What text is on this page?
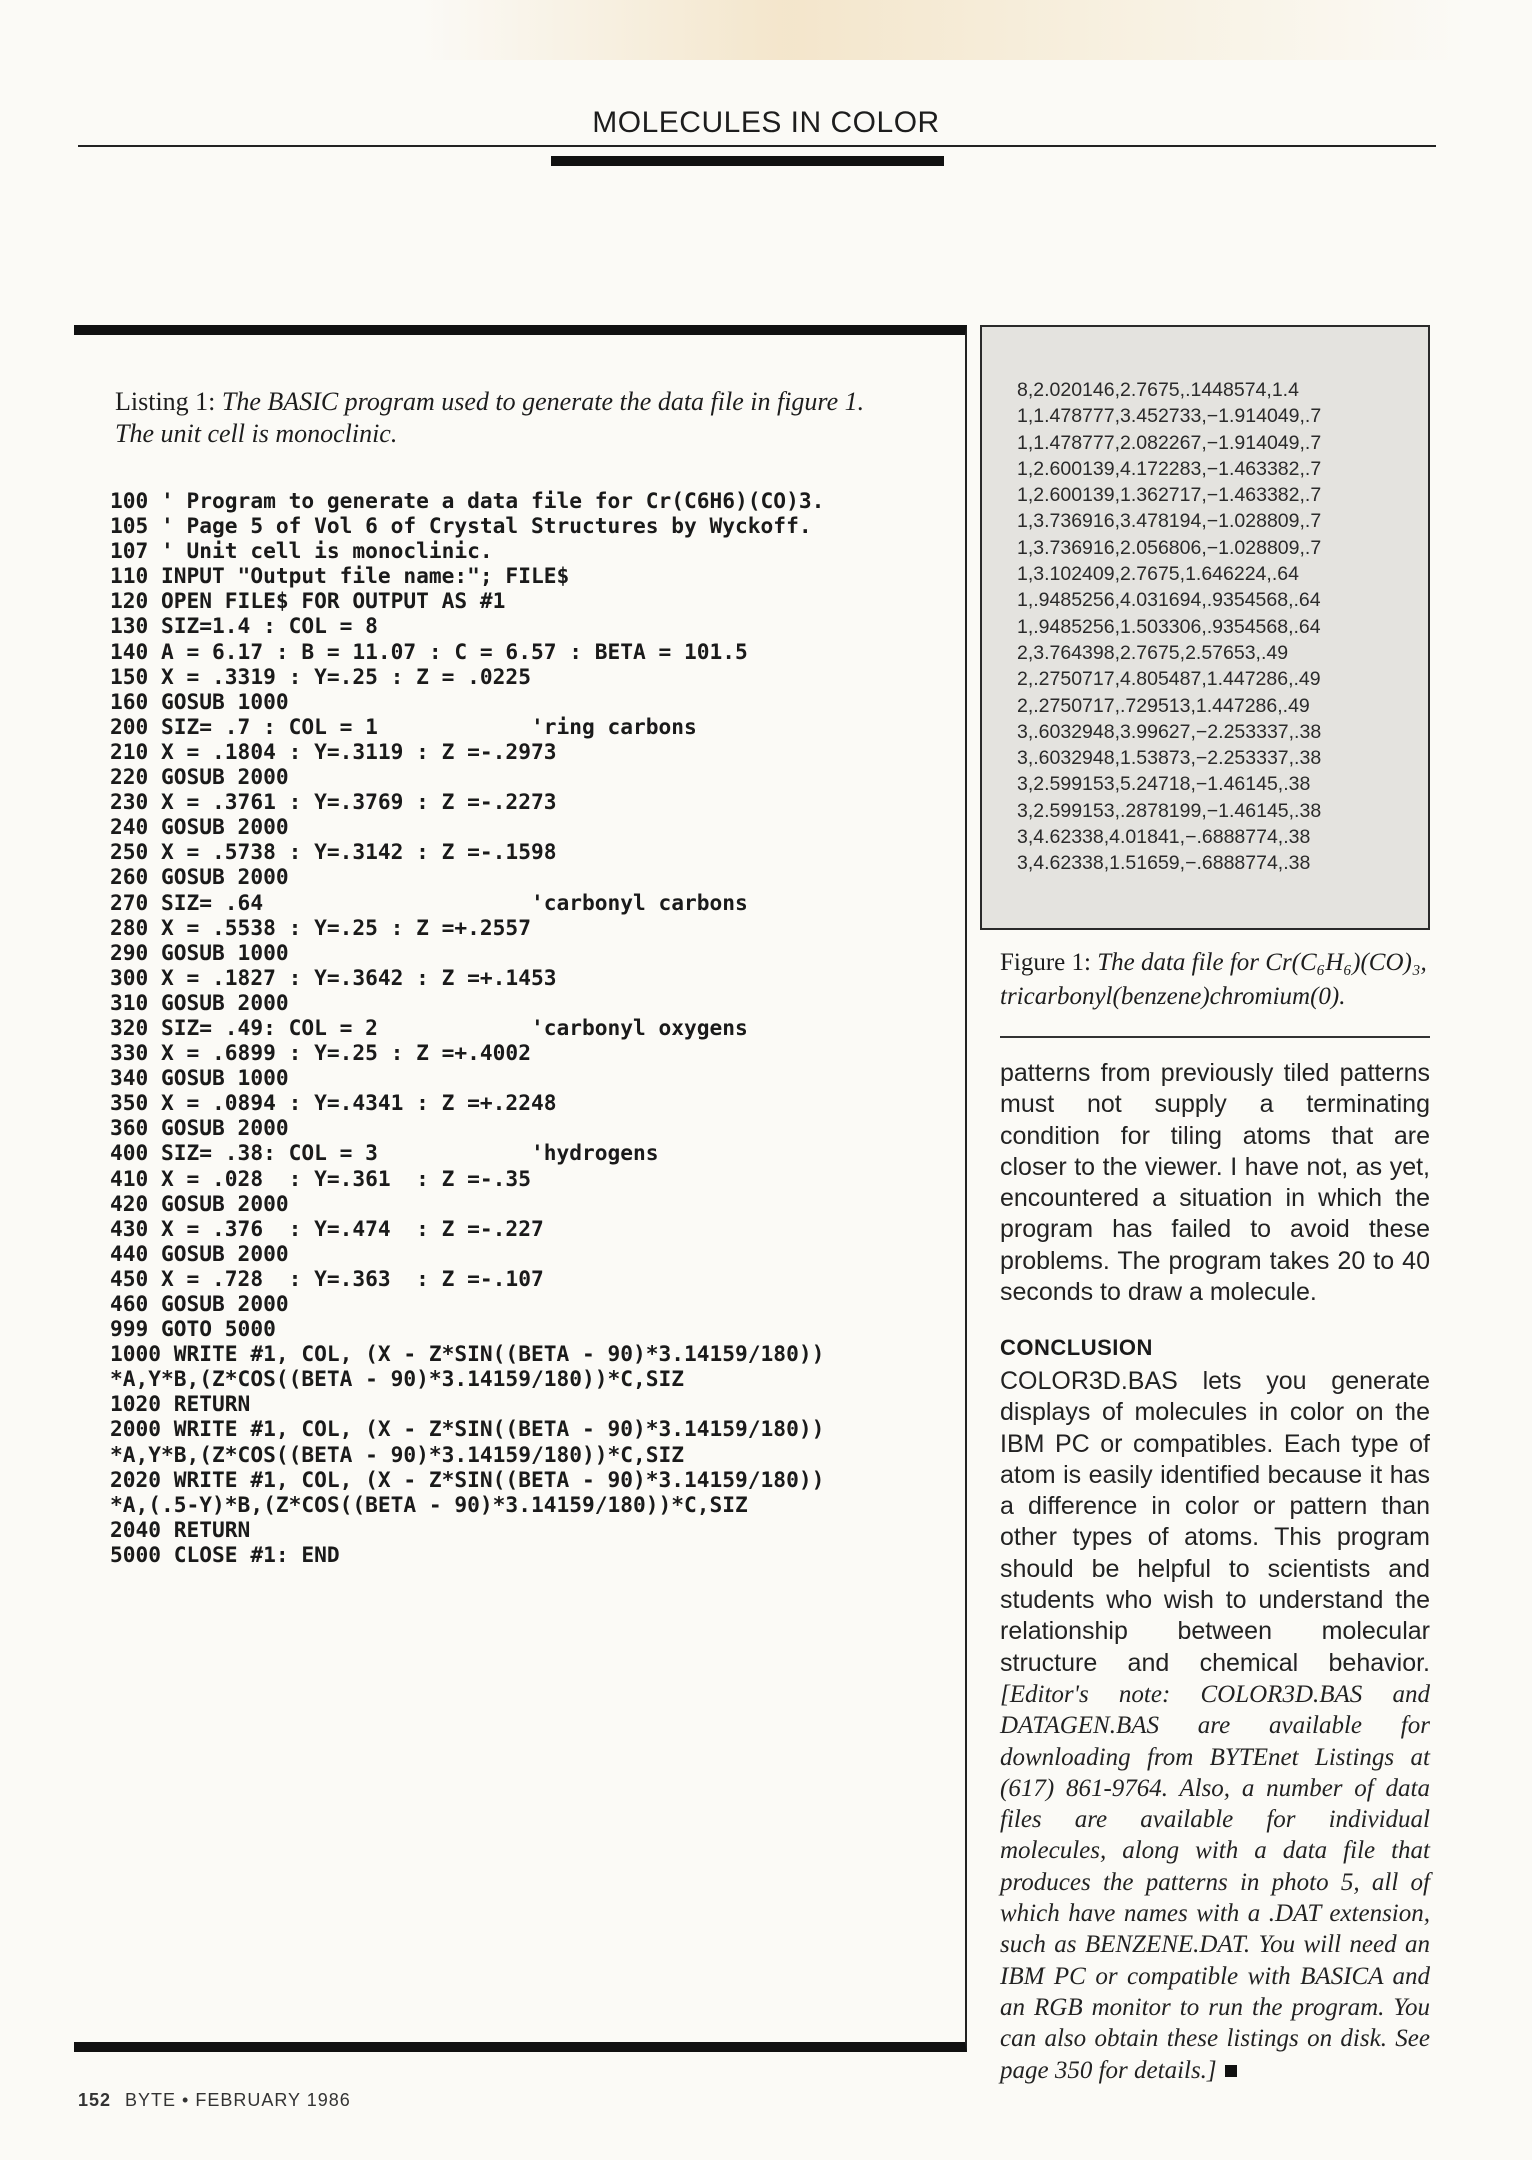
MOLECULES IN COLOR
Listing 1: The BASIC program used to generate the data file in figure 1. The unit cell is monoclinic.
100 ' Program to generate a data file for Cr(C6H6)(CO)3.
105 ' Page 5 of Vol 6 of Crystal Structures by Wyckoff.
107 ' Unit cell is monoclinic.
110 INPUT "Output file name:"; FILE$
120 OPEN FILE$ FOR OUTPUT AS #1
130 SIZ=1.4 : COL = 8
140 A = 6.17 : B = 11.07 : C = 6.57 : BETA = 101.5
150 X = .3319 : Y=.25 : Z = .0225
160 GOSUB 1000
200 SIZ= .7 : COL = 1            'ring carbons
210 X = .1804 : Y=.3119 : Z =-.2973
220 GOSUB 2000
230 X = .3761 : Y=.3769 : Z =-.2273
240 GOSUB 2000
250 X = .5738 : Y=.3142 : Z =-.1598
260 GOSUB 2000
270 SIZ= .64                     'carbonyl carbons
280 X = .5538 : Y=.25 : Z =+.2557
290 GOSUB 1000
300 X = .1827 : Y=.3642 : Z =+.1453
310 GOSUB 2000
320 SIZ= .49: COL = 2            'carbonyl oxygens
330 X = .6899 : Y=.25 : Z =+.4002
340 GOSUB 1000
350 X = .0894 : Y=.4341 : Z =+.2248
360 GOSUB 2000
400 SIZ= .38: COL = 3            'hydrogens
410 X = .028  : Y=.361  : Z =-.35
420 GOSUB 2000
430 X = .376  : Y=.474  : Z =-.227
440 GOSUB 2000
450 X = .728  : Y=.363  : Z =-.107
460 GOSUB 2000
999 GOTO 5000
1000 WRITE #1, COL, (X - Z*SIN((BETA - 90)*3.14159/180))
*A,Y*B,(Z*COS((BETA - 90)*3.14159/180))*C,SIZ
1020 RETURN
2000 WRITE #1, COL, (X - Z*SIN((BETA - 90)*3.14159/180))
*A,Y*B,(Z*COS((BETA - 90)*3.14159/180))*C,SIZ
2020 WRITE #1, COL, (X - Z*SIN((BETA - 90)*3.14159/180))
*A,(.5-Y)*B,(Z*COS((BETA - 90)*3.14159/180))*C,SIZ
2040 RETURN
5000 CLOSE #1: END
8,2.020146,2.7675,.1448574,1.4
1,1.478777,3.452733,−1.914049,.7
1,1.478777,2.082267,−1.914049,.7
1,2.600139,4.172283,−1.463382,.7
1,2.600139,1.362717,−1.463382,.7
1,3.736916,3.478194,−1.028809,.7
1,3.736916,2.056806,−1.028809,.7
1,3.102409,2.7675,1.646224,.64
1,.9485256,4.031694,.9354568,.64
1,.9485256,1.503306,.9354568,.64
2,3.764398,2.7675,2.57653,.49
2,.2750717,4.805487,1.447286,.49
2,.2750717,.729513,1.447286,.49
3,.6032948,3.99627,−2.253337,.38
3,.6032948,1.53873,−2.253337,.38
3,2.599153,5.24718,−1.46145,.38
3,2.599153,.2878199,−1.46145,.38
3,4.62338,4.01841,−.6888774,.38
3,4.62338,1.51659,−.6888774,.38
Figure 1: The data file for Cr(C₆H₆)(CO)₃, tricarbonyl(benzene)chromium(0).

patterns from previously tiled patterns must not supply a terminating condition for tiling atoms that are closer to the viewer. I have not, as yet, encountered a situation in which the program has failed to avoid these problems. The program takes 20 to 40 seconds to draw a molecule.

CONCLUSION

COLOR3D.BAS lets you generate displays of molecules in color on the IBM PC or compatibles. Each type of atom is easily identified because it has a difference in color or pattern than other types of atoms. This program should be helpful to scientists and students who wish to understand the relationship between molecular structure and chemical behavior. [Editor's note: COLOR3D.BAS and DATAGEN.BAS are available for downloading from BYTEnet Listings at (617) 861-9764. Also, a number of data files are available for individual molecules, along with a data file that produces the patterns in photo 5, all of which have names with a .DAT extension, such as BENZENE.DAT. You will need an IBM PC or compatible with BASICA and an RGB monitor to run the program. You can also obtain these listings on disk. See page 350 for details.]

152 BYTE • FEBRUARY 1986
